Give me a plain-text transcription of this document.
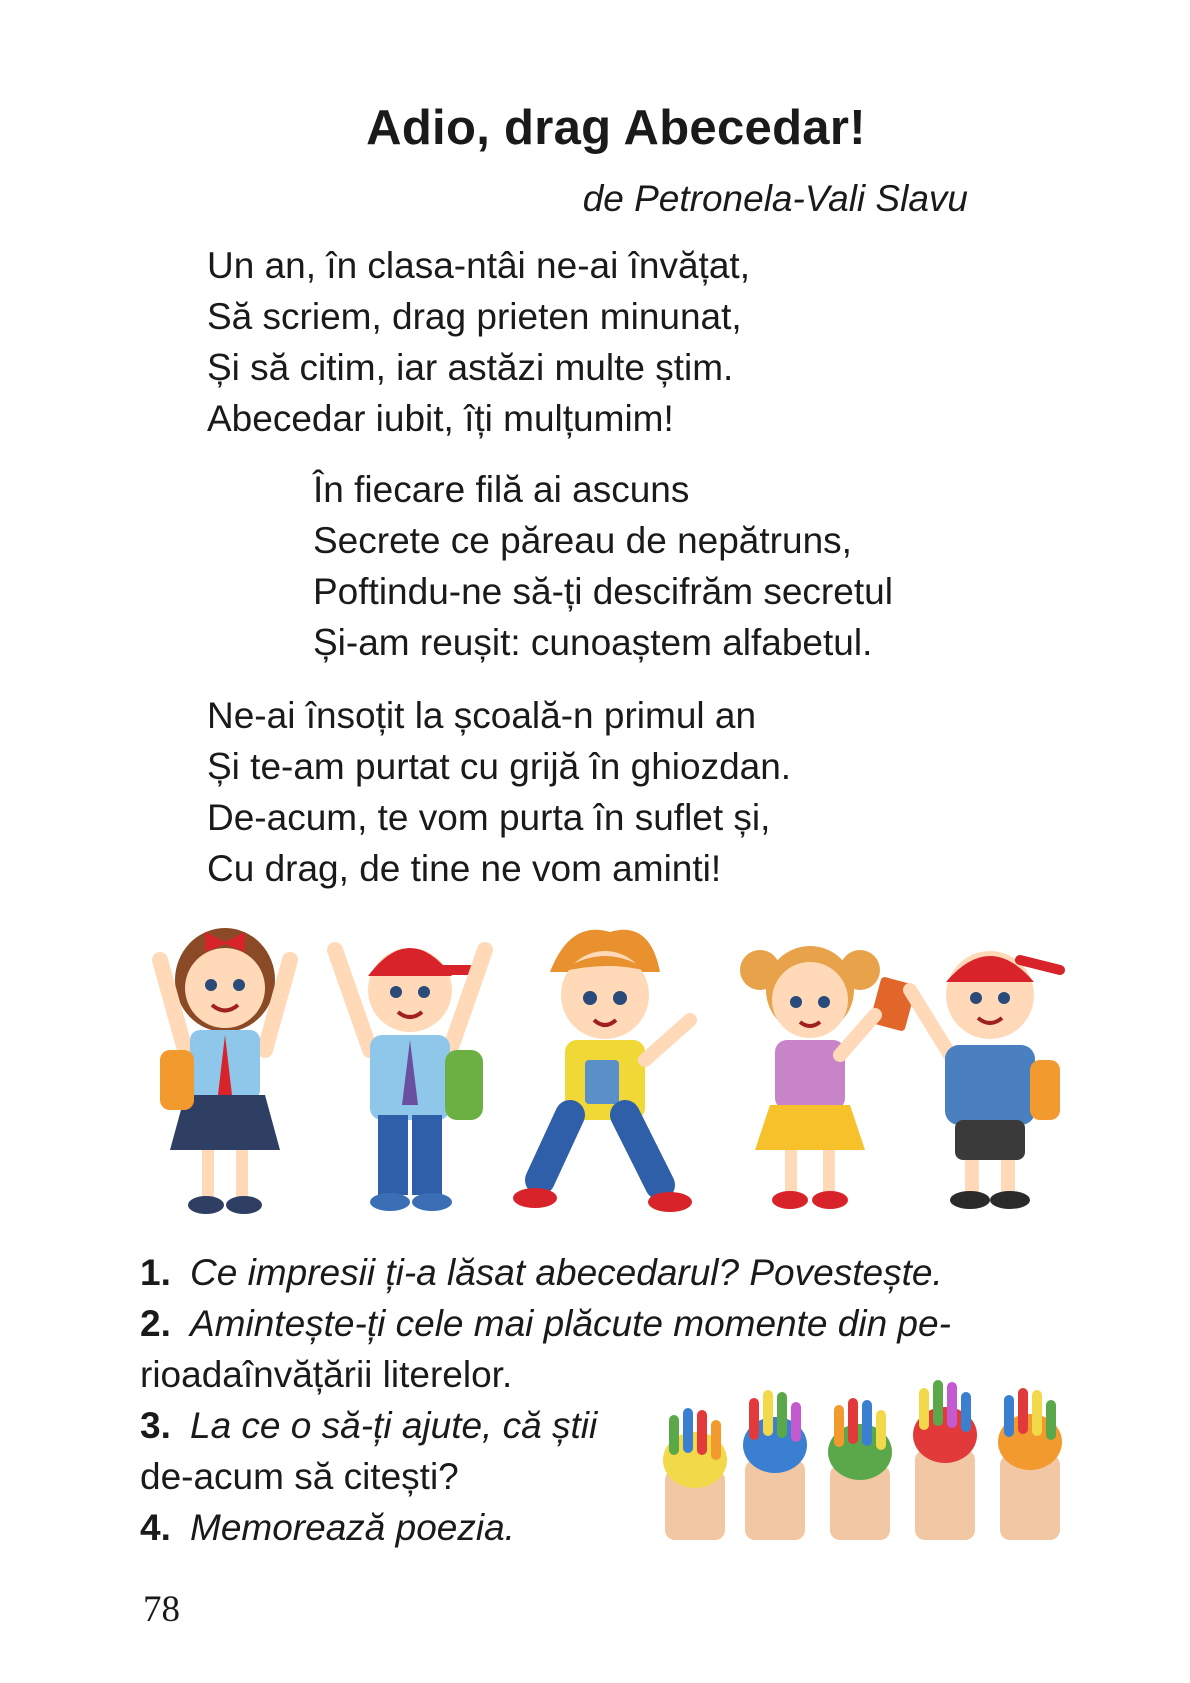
Adio, drag Abecedar!
de Petronela-Vali Slavu
Un an, în clasa-ntâi ne-ai învățat,
Să scriem, drag prieten minunat,
Și să citim, iar astăzi multe știm.
Abecedar iubit, îți mulțumim!
În fiecare filă ai ascuns
Secrete ce păreau de nepătruns,
Poftindu-ne să-ți descifrăm secretul
Și-am reușit: cunoaștem alfabetul.
Ne-ai însoțit la școală-n primul an
Și te-am purtat cu grijă în ghiozdan.
De-acum, te vom purta în suflet și,
Cu drag, de tine ne vom aminti!
1. Ce impresii ți-a lăsat abecedarul? Povestește.
2. Amintește-ți cele mai plăcute momente din pe-
rioadaînvățării literelor.
3. La ce o să-ți ajute, că știi
de-acum să citești?
4. Memorează poezia.
78
